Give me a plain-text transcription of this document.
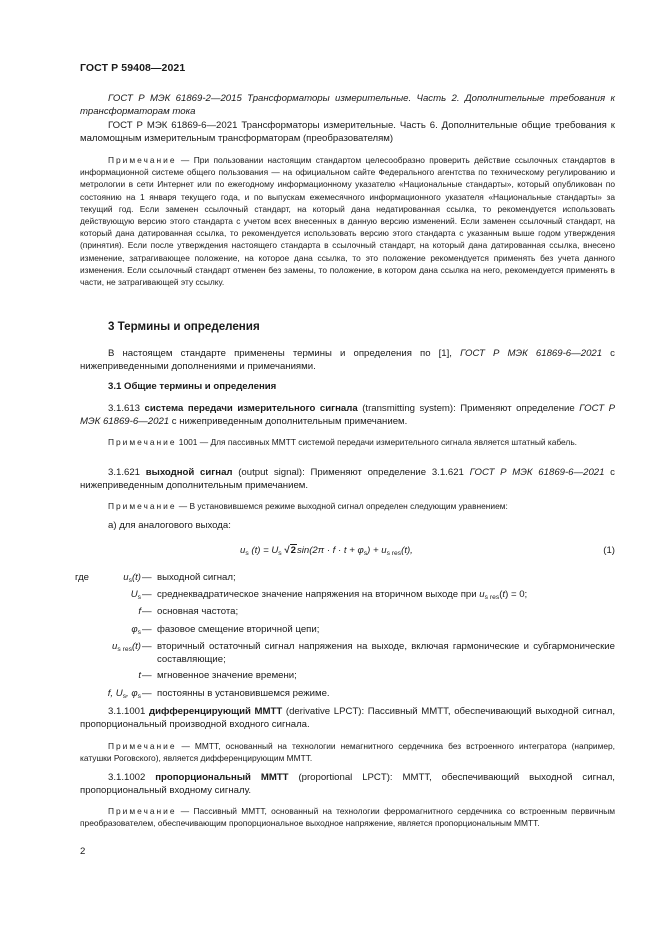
ГОСТ Р 59408—2021

ГОСТ Р МЭК 61869-2—2015 Трансформаторы измерительные. Часть 2. Дополнительные требования к трансформаторам тока

ГОСТ Р МЭК 61869-6—2021 Трансформаторы измерительные. Часть 6. Дополнительные общие требования к маломощным измерительным трансформаторам (преобразователям)

Примечание — При пользовании настоящим стандартом целесообразно проверить действие ссылочных стандартов в информационной системе общего пользования — на официальном сайте Федерального агентства по техническому регулированию и метрологии в сети Интернет или по ежегодному информационному указателю «Национальные стандарты», который опубликован по состоянию на 1 января текущего года, и по выпускам ежемесячного информационного указателя «Национальные стандарты» за текущий год. Если заменен ссылочный стандарт, на который дана недатированная ссылка, то рекомендуется использовать действующую версию этого стандарта с учетом всех внесенных в данную версию изменений. Если заменен ссылочный стандарт, на который дана датированная ссылка, то рекомендуется использовать версию этого стандарта с указанным выше годом утверждения (принятия). Если после утверждения настоящего стандарта в ссылочный стандарт, на который дана датированная ссылка, внесено изменение, затрагивающее положение, на которое дана ссылка, то это положение рекомендуется применять без учета данного изменения. Если ссылочный стандарт отменен без замены, то положение, в котором дана ссылка на него, рекомендуется применять в части, не затрагивающей эту ссылку.

3 Термины и определения

В настоящем стандарте применены термины и определения по [1], ГОСТ Р МЭК 61869-6—2021 с нижеприведенными дополнениями и примечаниями.

3.1 Общие термины и определения

3.1.613 система передачи измерительного сигнала (transmitting system): Применяют определение ГОСТ Р МЭК 61869-6—2021 с нижеприведенным дополнительным примечанием.

Примечание 1001 — Для пассивных ММТТ системой передачи измерительного сигнала является штатный кабель.

3.1.621 выходной сигнал (output signal): Применяют определение 3.1.621 ГОСТ Р МЭК 61869-6—2021 с нижеприведенным дополнительным примечанием.

Примечание — В установившемся режиме выходной сигнал определен следующим уравнением:

а) для аналогового выхода:

$u_s$ $(t) = U_s$ $√2\sin(2\pi \cdot f \cdot t + \varphi_s) + u_{s res}(t)$,	(1)
где	$u_s(t)$ — выходной сигнал;
$U_s$ — среднеквадратическое значение напряжения на вторичном выходе при $u_{s res}(t) = 0$;
f — основная частота;
$\varphi_s$ — фазовое смещение вторичной цепи;
$u_{s res}(t)$ — вторичный остаточный сигнал напряжения на выходе, включая гармонические и субгармонические составляющие;
t — мгновенное значение времени;
f, $U_s$, $\varphi_s$ — постоянны в установившемся режиме.

3.1.1001 дифференцирующий ММТТ (derivative LPCT): Пассивный ММТТ, обеспечивающий выходной сигнал, пропорциональный производной входного сигнала.

Примечание — ММТТ, основанный на технологии немагнитного сердечника без встроенного интегратора (например, катушки Роговского), является дифференцирующим ММТТ.

3.1.1002 пропорциональный ММТТ (proportional LPCT): ММТТ, обеспечивающий выходной сигнал, пропорциональный входному сигналу.

Примечание — Пассивный ММТТ, основанный на технологии ферромагнитного сердечника со встроенным первичным преобразователем, обеспечивающим пропорциональное выходное напряжение, является пропорциональным ММТТ.

2
